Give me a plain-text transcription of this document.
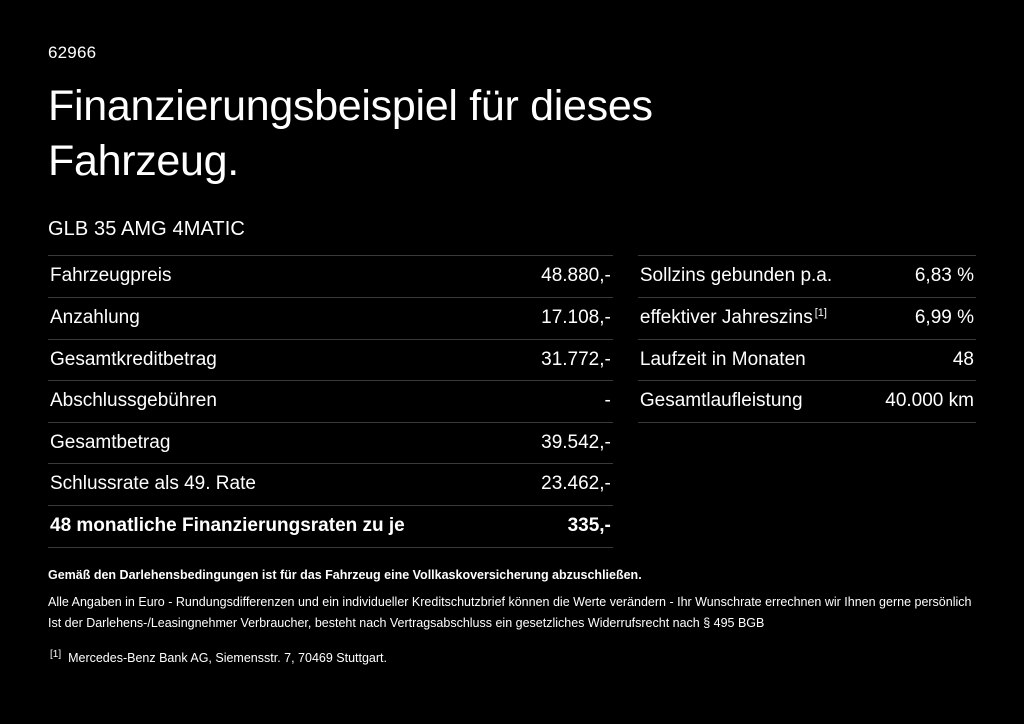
62966
Finanzierungsbeispiel für dieses Fahrzeug.
GLB 35 AMG 4MATIC
Fahrzeugpreis	48.880,-
Anzahlung	17.108,-
Gesamtkreditbetrag	31.772,-
Abschlussgebühren	-
Gesamtbetrag	39.542,-
Schlussrate als 49. Rate	23.462,-
48 monatliche Finanzierungsraten zu je	335,-
Sollzins gebunden p.a.	6,83 %
effektiver Jahreszins [1]	6,99 %
Laufzeit in Monaten	48
Gesamtlaufleistung	40.000 km
Gemäß den Darlehensbedingungen ist für das Fahrzeug eine Vollkaskoversicherung abzuschließen.
Alle Angaben in Euro - Rundungsdifferenzen und ein individueller Kreditschutzbrief können die Werte verändern - Ihr Wunschrate errechnen wir Ihnen gerne persönlich
Ist der Darlehens-/Leasingnehmer Verbraucher, besteht nach Vertragsabschluss ein gesetzliches Widerrufsrecht nach § 495 BGB
[1] Mercedes-Benz Bank AG, Siemensstr. 7, 70469 Stuttgart.
